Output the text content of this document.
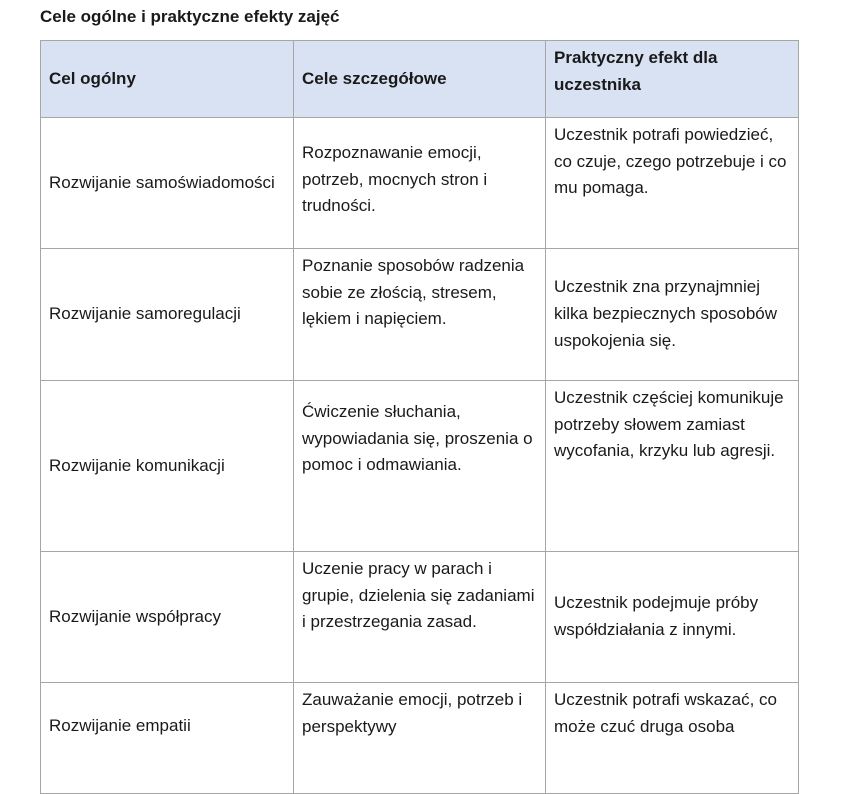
Cele ogólne i praktyczne efekty zajęć
Cel ogólny	Cele szczegółowe	Praktyczny efekt dla uczestnika
Rozwijanie samoświadomości	Rozpoznawanie emocji, potrzeb, mocnych stron i trudności.	Uczestnik potrafi powiedzieć, co czuje, czego potrzebuje i co mu pomaga.
Rozwijanie samoregulacji	Poznanie sposobów radzenia sobie ze złością, stresem, lękiem i napięciem.	Uczestnik zna przynajmniej kilka bezpiecznych sposobów uspokojenia się.
Rozwijanie komunikacji	Ćwiczenie słuchania, wypowiadania się, proszenia o pomoc i odmawiania.	Uczestnik częściej komunikuje potrzeby słowem zamiast wycofania, krzyku lub agresji.
Rozwijanie współpracy	Uczenie pracy w parach i grupie, dzielenia się zadaniami i przestrzegania zasad.	Uczestnik podejmuje próby współdziałania z innymi.
Rozwijanie empatii	Zauważanie emocji, potrzeb i perspektywy	Uczestnik potrafi wskazać, co może czuć druga osoba
